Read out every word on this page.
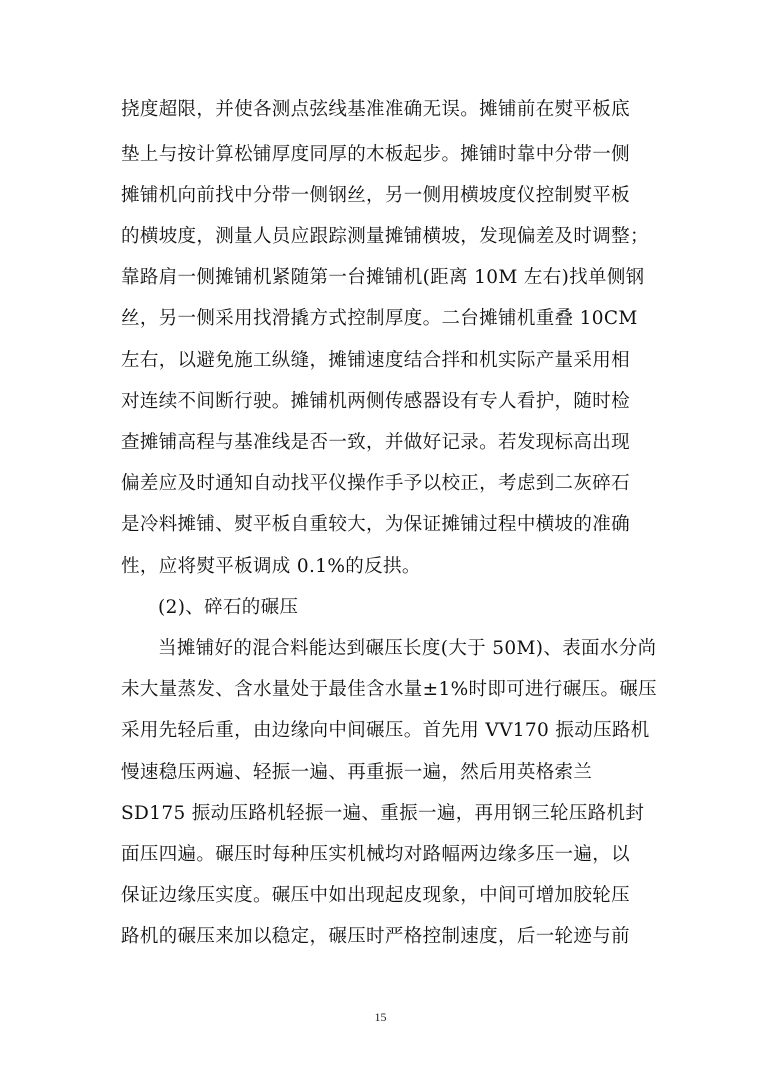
挠度超限，并使各测点弦线基准准确无误。摊铺前在熨平板底
垫上与按计算松铺厚度同厚的木板起步。摊铺时靠中分带一侧
摊铺机向前找中分带一侧钢丝，另一侧用横坡度仪控制熨平板
的横坡度，测量人员应跟踪测量摊铺横坡，发现偏差及时调整；
靠路肩一侧摊铺机紧随第一台摊铺机(距离 10M 左右)找单侧钢
丝，另一侧采用找滑撬方式控制厚度。二台摊铺机重叠 10CM
左右，以避免施工纵缝，摊铺速度结合拌和机实际产量采用相
对连续不间断行驶。摊铺机两侧传感器设有专人看护，随时检
查摊铺高程与基准线是否一致，并做好记录。若发现标高出现
偏差应及时通知自动找平仪操作手予以校正，考虑到二灰碎石
是冷料摊铺、熨平板自重较大，为保证摊铺过程中横坡的准确
性，应将熨平板调成 0.1%的反拱。
(2)、碎石的碾压
当摊铺好的混合料能达到碾压长度(大于 50M)、表面水分尚
未大量蒸发、含水量处于最佳含水量±1%时即可进行碾压。碾压
采用先轻后重，由边缘向中间碾压。首先用 VV170 振动压路机
慢速稳压两遍、轻振一遍、再重振一遍，然后用英格索兰
SD175 振动压路机轻振一遍、重振一遍，再用钢三轮压路机封
面压四遍。碾压时每种压实机械均对路幅两边缘多压一遍，以
保证边缘压实度。碾压中如出现起皮现象，中间可增加胶轮压
路机的碾压来加以稳定，碾压时严格控制速度，后一轮迹与前
15
